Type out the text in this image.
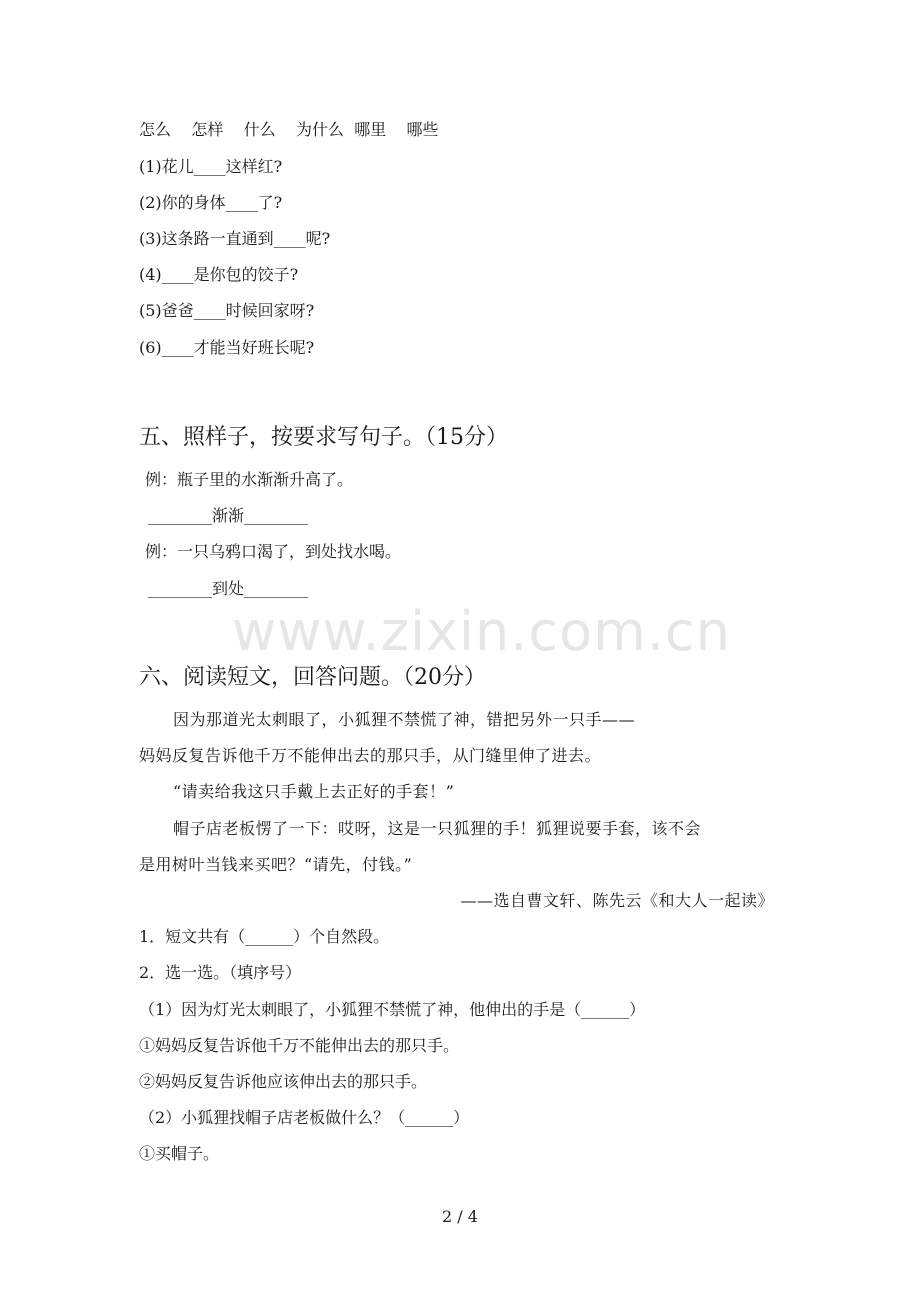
怎么    怎样    什么    为什么  哪里    哪些
(1)花儿____这样红?
(2)你的身体____了?
(3)这条路一直通到____呢?
(4)____是你包的饺子?
(5)爸爸____时候回家呀?
(6)____才能当好班长呢?
五、照样子，按要求写句子。（15分）
例：瓶子里的水渐渐升高了。
________渐渐________
例：一只乌鸦口渴了，到处找水喝。
________到处________
www.zixin.com.cn
六、阅读短文，回答问题。（20分）
因为那道光太刺眼了，小狐狸不禁慌了神，错把另外一只手——
妈妈反复告诉他千万不能伸出去的那只手，从门缝里伸了进去。
“请卖给我这只手戴上去正好的手套！”
帽子店老板愣了一下：哎呀，这是一只狐狸的手！狐狸说要手套，该不会
是用树叶当钱来买吧？“请先，付钱。”
——选自曹文轩、陈先云《和大人一起读》
1．短文共有（______）个自然段。
2．选一选。（填序号）
（1）因为灯光太刺眼了，小狐狸不禁慌了神，他伸出的手是（______）
①妈妈反复告诉他千万不能伸出去的那只手。
②妈妈反复告诉他应该伸出去的那只手。
（2）小狐狸找帽子店老板做什么？（______）
①买帽子。
2 / 4
